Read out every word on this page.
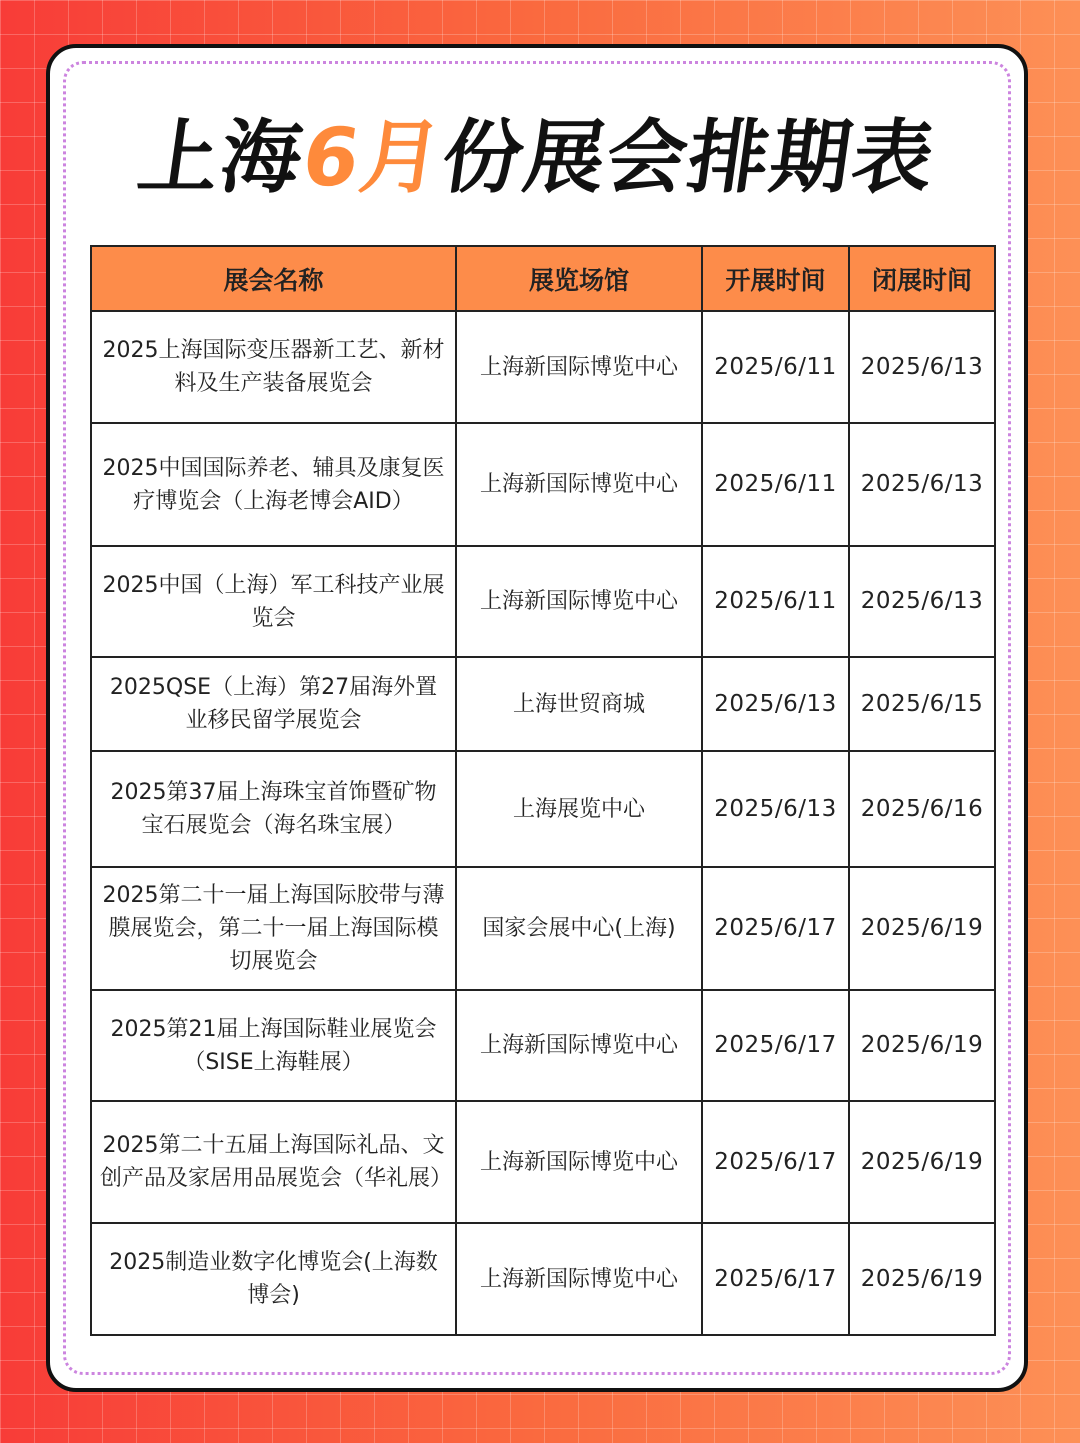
上海6月份展会排期表
展会名称	展览场馆	开展时间	闭展时间
2025上海国际变压器新工艺、新材料及生产装备展览会	上海新国际博览中心	2025/6/11	2025/6/13
2025中国国际养老、辅具及康复医疗博览会（上海老博会AID）	上海新国际博览中心	2025/6/11	2025/6/13
2025中国（上海）军工科技产业展览会	上海新国际博览中心	2025/6/11	2025/6/13
2025QSE（上海）第27届海外置业移民留学展览会	上海世贸商城	2025/6/13	2025/6/15
2025第37届上海珠宝首饰暨矿物宝石展览会（海名珠宝展）	上海展览中心	2025/6/13	2025/6/16
2025第二十一届上海国际胶带与薄膜展览会，第二十一届上海国际模切展览会	国家会展中心(上海)	2025/6/17	2025/6/19
2025第21届上海国际鞋业展览会（SISE上海鞋展）	上海新国际博览中心	2025/6/17	2025/6/19
2025第二十五届上海国际礼品、文创产品及家居用品展览会（华礼展）	上海新国际博览中心	2025/6/17	2025/6/19
2025制造业数字化博览会(上海数博会)	上海新国际博览中心	2025/6/17	2025/6/19
